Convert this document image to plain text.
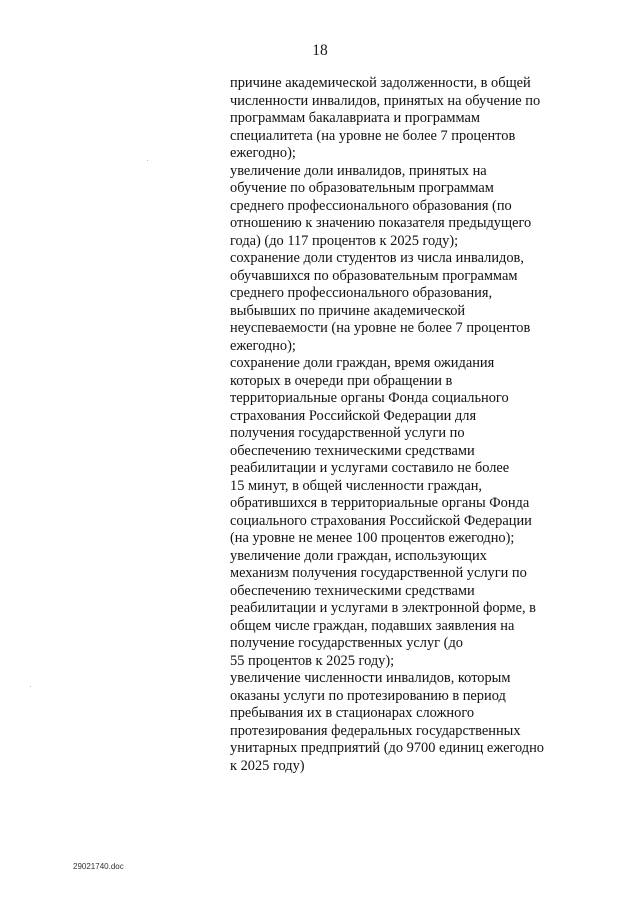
18
причине академической задолженности, в общей
численности инвалидов, принятых на обучение по
программам бакалавриата и программам
специалитета (на уровне не более 7 процентов
ежегодно);
увеличение доли инвалидов, принятых на
обучение по образовательным программам
среднего профессионального образования (по
отношению к значению показателя предыдущего
года) (до 117 процентов к 2025 году);
сохранение доли студентов из числа инвалидов,
обучавшихся по образовательным программам
среднего профессионального образования,
выбывших по причине академической
неуспеваемости (на уровне не более 7 процентов
ежегодно);
сохранение доли граждан, время ожидания
которых в очереди при обращении в
территориальные органы Фонда социального
страхования Российской Федерации для
получения государственной услуги по
обеспечению техническими средствами
реабилитации и услугами составило не более
15 минут, в общей численности граждан,
обратившихся в территориальные органы Фонда
социального страхования Российской Федерации
(на уровне не менее 100 процентов ежегодно);
увеличение доли граждан, использующих
механизм получения государственной услуги по
обеспечению техническими средствами
реабилитации и услугами в электронной форме, в
общем числе граждан, подавших заявления на
получение государственных услуг (до
55 процентов к 2025 году);
увеличение численности инвалидов, которым
оказаны услуги по протезированию в период
пребывания их в стационарах сложного
протезирования федеральных государственных
унитарных предприятий (до 9700 единиц ежегодно
к 2025 году)
29021740.doc
